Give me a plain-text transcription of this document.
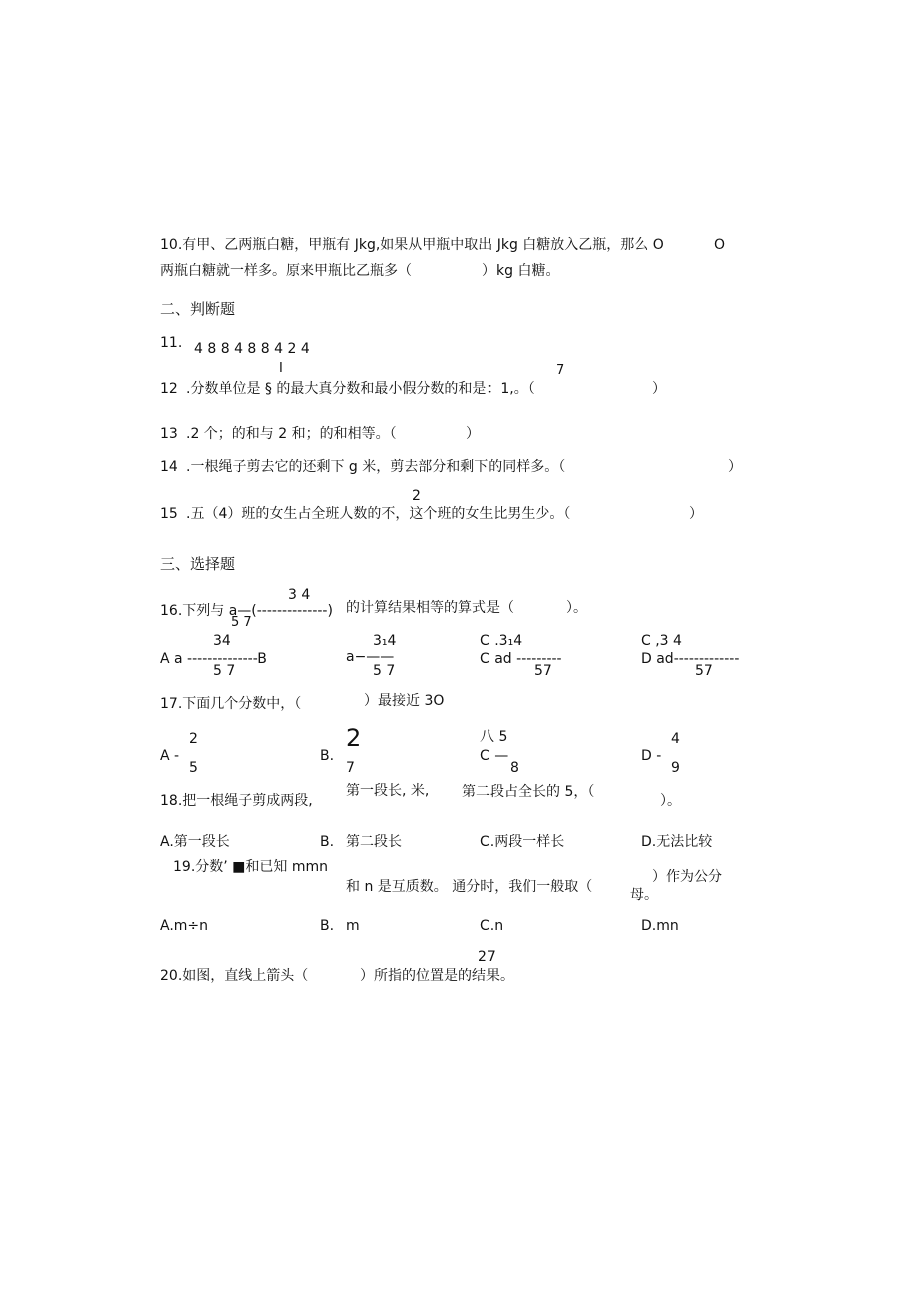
10.有甲、乙两瓶白糖，甲瓶有 Jkg,如果从甲瓶中取出 Jkg 白糖放入乙瓶，那么 O	O
两瓶白糖就一样多。原来甲瓶比乙瓶多（	）kg 白糖。
二、判断题
11. 4 8 8 4 8 8 4 2 4
I	7
12 .分数单位是 § 的最大真分数和最小假分数的和是：1,。（	）
13 .2 个；的和与 2 和；的和相等。（	）
14 .一根绳子剪去它的还剩下 g 米，剪去部分和剩下的同样多。（	）
2
15 .五（4）班的女生占全班人数的不，这个班的女生比男生少。（	）
三、选择题
3 4
16.下列与 a—(--------------)
5 7
的计算结果相等的算式是（	）。
34
A a --------------B
5 7
3₁4
a−——
5 7
C .3₁4
C ad ---------
57
C ,3 4
D ad-------------
57
17.下面几个分数中，（	）最接近 3O
2
A -
5
B.
2
7
八 5
C —
8
4
D -
9
18.把一根绳子剪成两段,
第一段长, 米, 第二段占全长的 5，（
）。
A.第一段长	B. 第二段长	C.两段一样长	D.无法比较
19.分数’ ■和已知 mmn
和 n 是互质数。 通分时，我们一般取（
）作为公分
母。
A.m÷n	B. m	C.n	D.mn
27
20.如图，直线上箭头（	）所指的位置是的结果。
